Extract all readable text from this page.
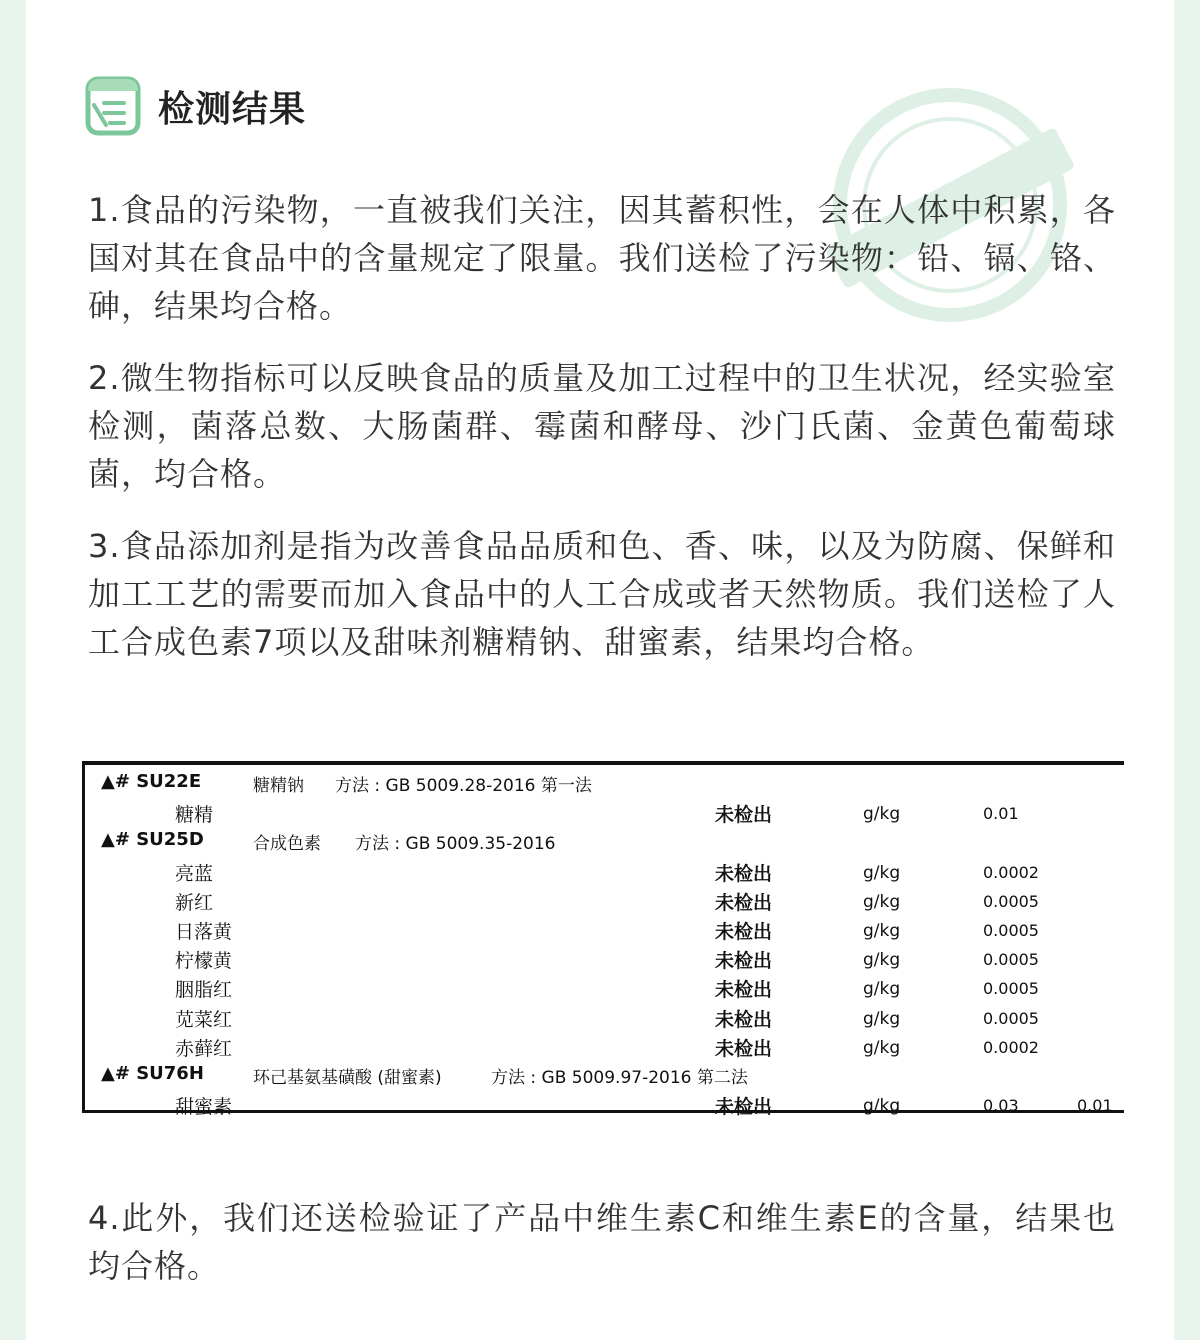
检测结果

1.食品的污染物，一直被我们关注，因其蓄积性，会在人体中积累，各国对其在食品中的含量规定了限量。我们送检了污染物：铅、镉、铬、砷，结果均合格。

2.微生物指标可以反映食品的质量及加工过程中的卫生状况，经实验室检测，菌落总数、大肠菌群、霉菌和酵母、沙门氏菌、金黄色葡萄球菌，均合格。

3.食品添加剂是指为改善食品品质和色、香、味，以及为防腐、保鲜和加工工艺的需要而加入食品中的人工合成或者天然物质。我们送检了人工合成色素7项以及甜味剂糖精钠、甜蜜素，结果均合格。

▲# SU22E	糖精钠 方法 : GB 5009.28-2016 第一法
糖精	未检出	g/kg	0.01
▲# SU25D	合成色素 方法 : GB 5009.35-2016
亮蓝	未检出	g/kg	0.0002
新红	未检出	g/kg	0.0005
日落黄	未检出	g/kg	0.0005
柠檬黄	未检出	g/kg	0.0005
胭脂红	未检出	g/kg	0.0005
苋菜红	未检出	g/kg	0.0005
赤藓红	未检出	g/kg	0.0002
▲# SU76H	环己基氨基磺酸 (甜蜜素)	方法 : GB 5009.97-2016 第二法
甜蜜素	未检出	g/kg	0.03	0.01

4.此外，我们还送检验证了产品中维生素C和维生素E的含量，结果也均合格。
